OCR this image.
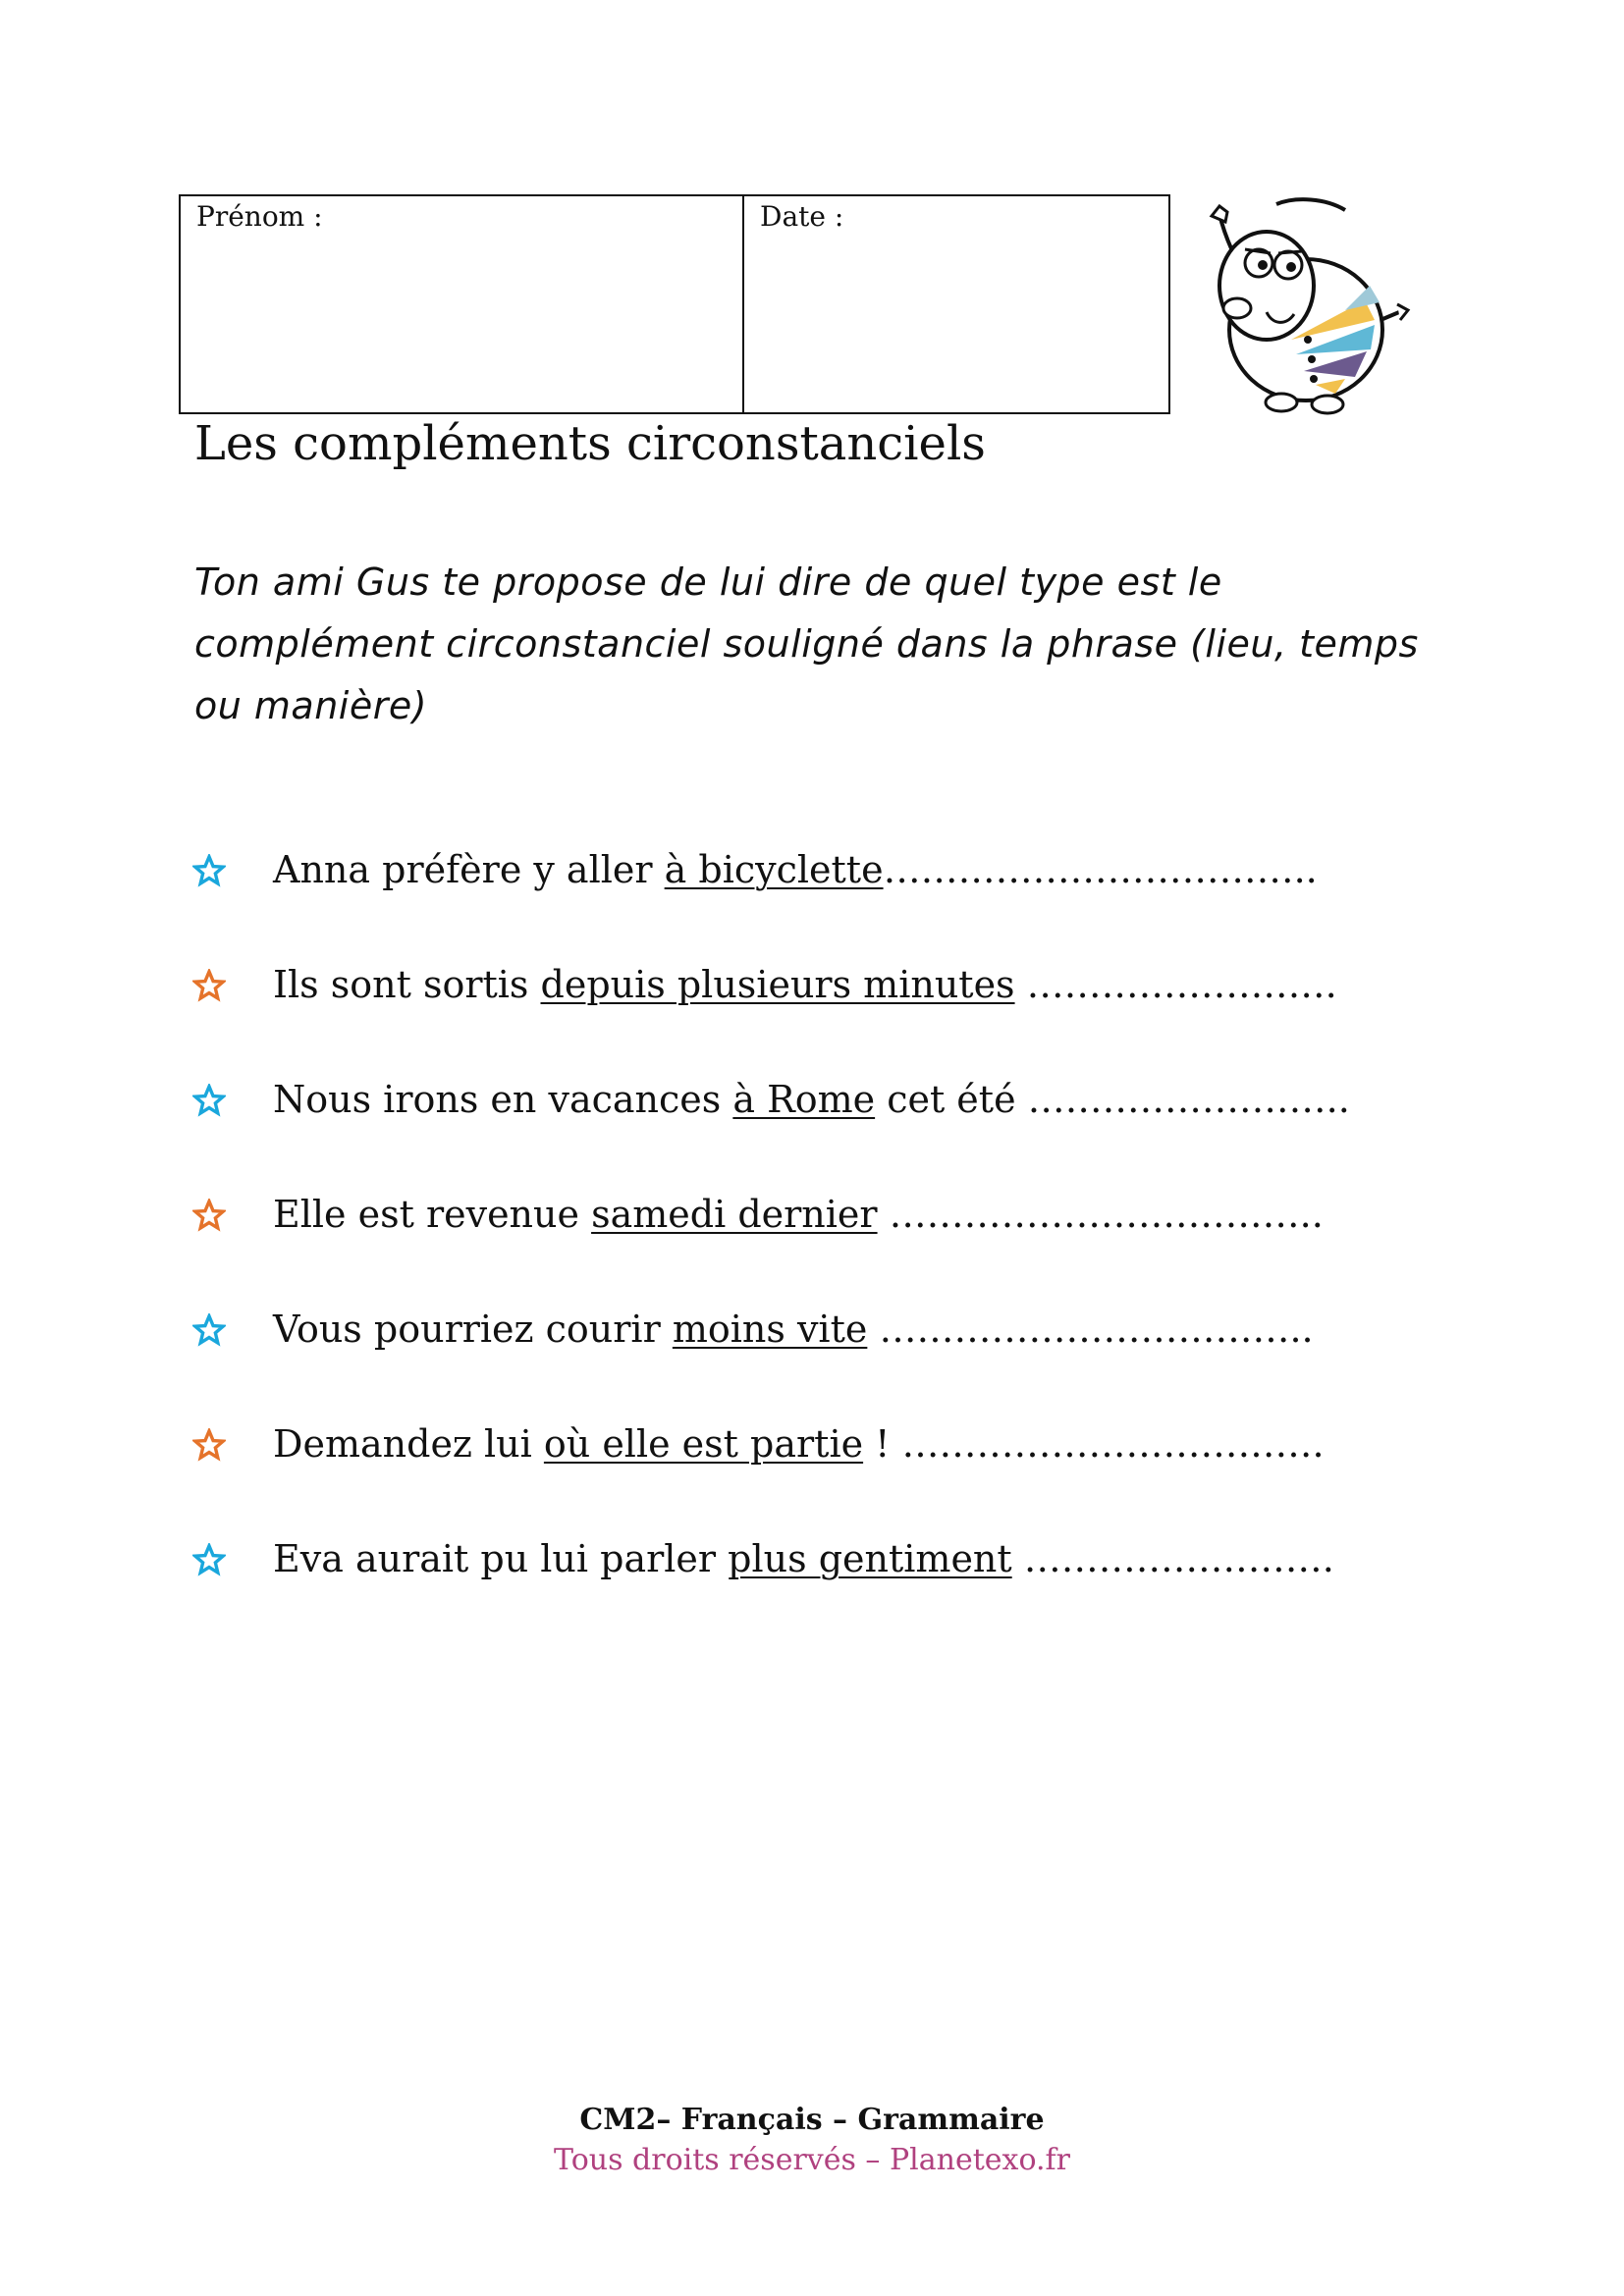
Prénom :	Date :
Les compléments circonstanciels

Ton ami Gus te propose de lui dire de quel type est le complément circonstanciel souligné dans la phrase (lieu, temps ou manière)

Anna préfère y aller à bicyclette……………………………..
Ils sont sortis depuis plusieurs minutes …………………….
Nous irons en vacances à Rome cet été ……………………..
Elle est revenue samedi dernier ……………………………..
Vous pourriez courir moins vite ……………………………..
Demandez lui où elle est partie ! …………………………….
Eva aurait pu lui parler plus gentiment …………………….

CM2– Français – Grammaire

Tous droits réservés – Planetexo.fr
